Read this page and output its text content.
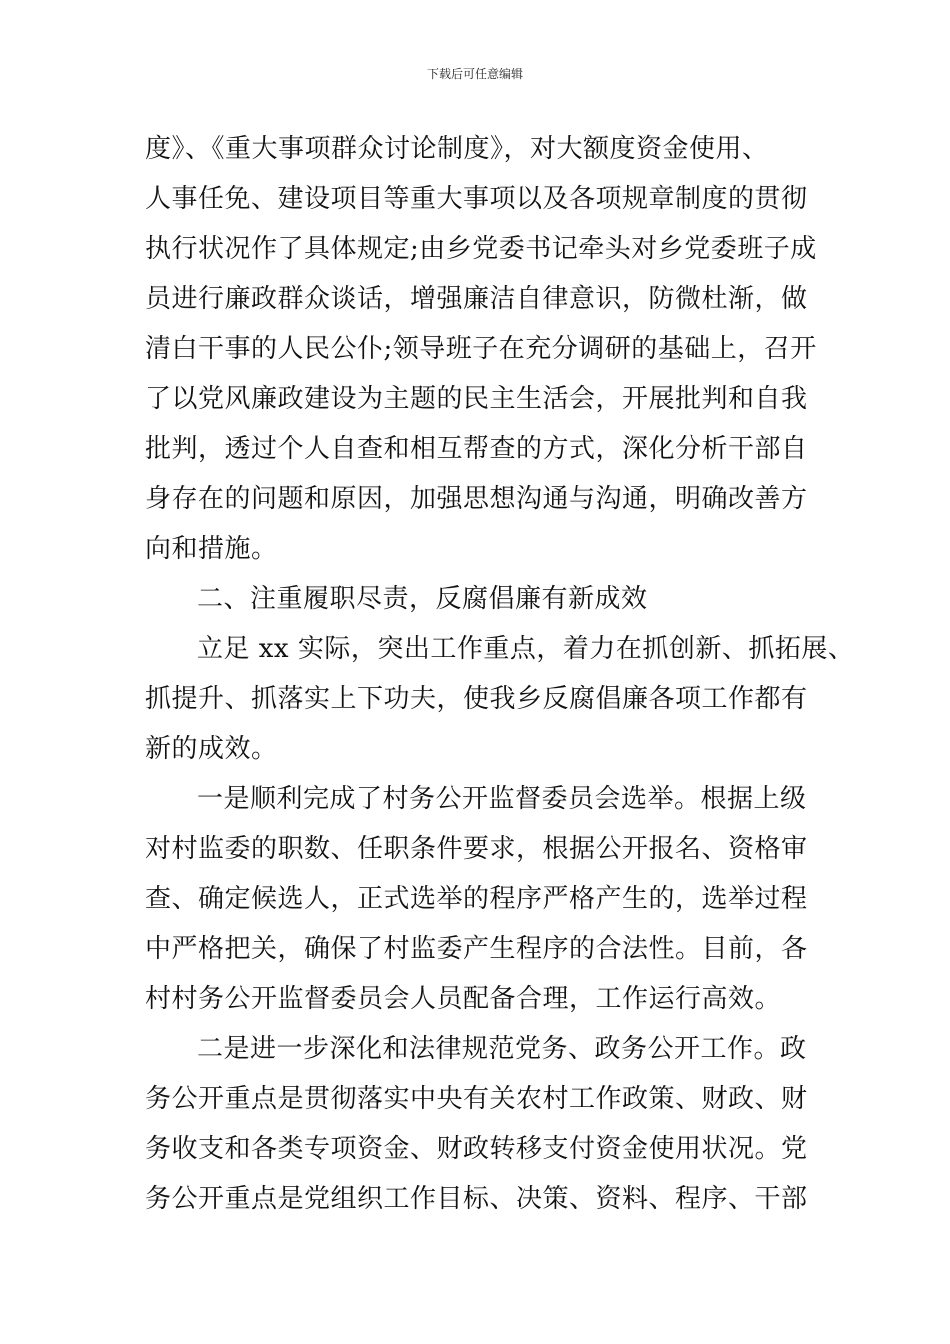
下载后可任意编辑
度》、《重大事项群众讨论制度》，对大额度资金使用、
人事任免、建设项目等重大事项以及各项规章制度的贯彻
执行状况作了具体规定;由乡党委书记牵头对乡党委班子成
员进行廉政群众谈话，增强廉洁自律意识，防微杜渐，做
清白干事的人民公仆;领导班子在充分调研的基础上，召开
了以党风廉政建设为主题的民主生活会，开展批判和自我
批判，透过个人自查和相互帮查的方式，深化分析干部自
身存在的问题和原因，加强思想沟通与沟通，明确改善方
向和措施。
二、注重履职尽责，反腐倡廉有新成效
立足 xx 实际，突出工作重点，着力在抓创新、抓拓展、
抓提升、抓落实上下功夫，使我乡反腐倡廉各项工作都有
新的成效。
一是顺利完成了村务公开监督委员会选举。根据上级
对村监委的职数、任职条件要求，根据公开报名、资格审
查、确定候选人，正式选举的程序严格产生的，选举过程
中严格把关，确保了村监委产生程序的合法性。目前，各
村村务公开监督委员会人员配备合理，工作运行高效。
二是进一步深化和法律规范党务、政务公开工作。政
务公开重点是贯彻落实中央有关农村工作政策、财政、财
务收支和各类专项资金、财政转移支付资金使用状况。党
务公开重点是党组织工作目标、决策、资料、程序、干部
